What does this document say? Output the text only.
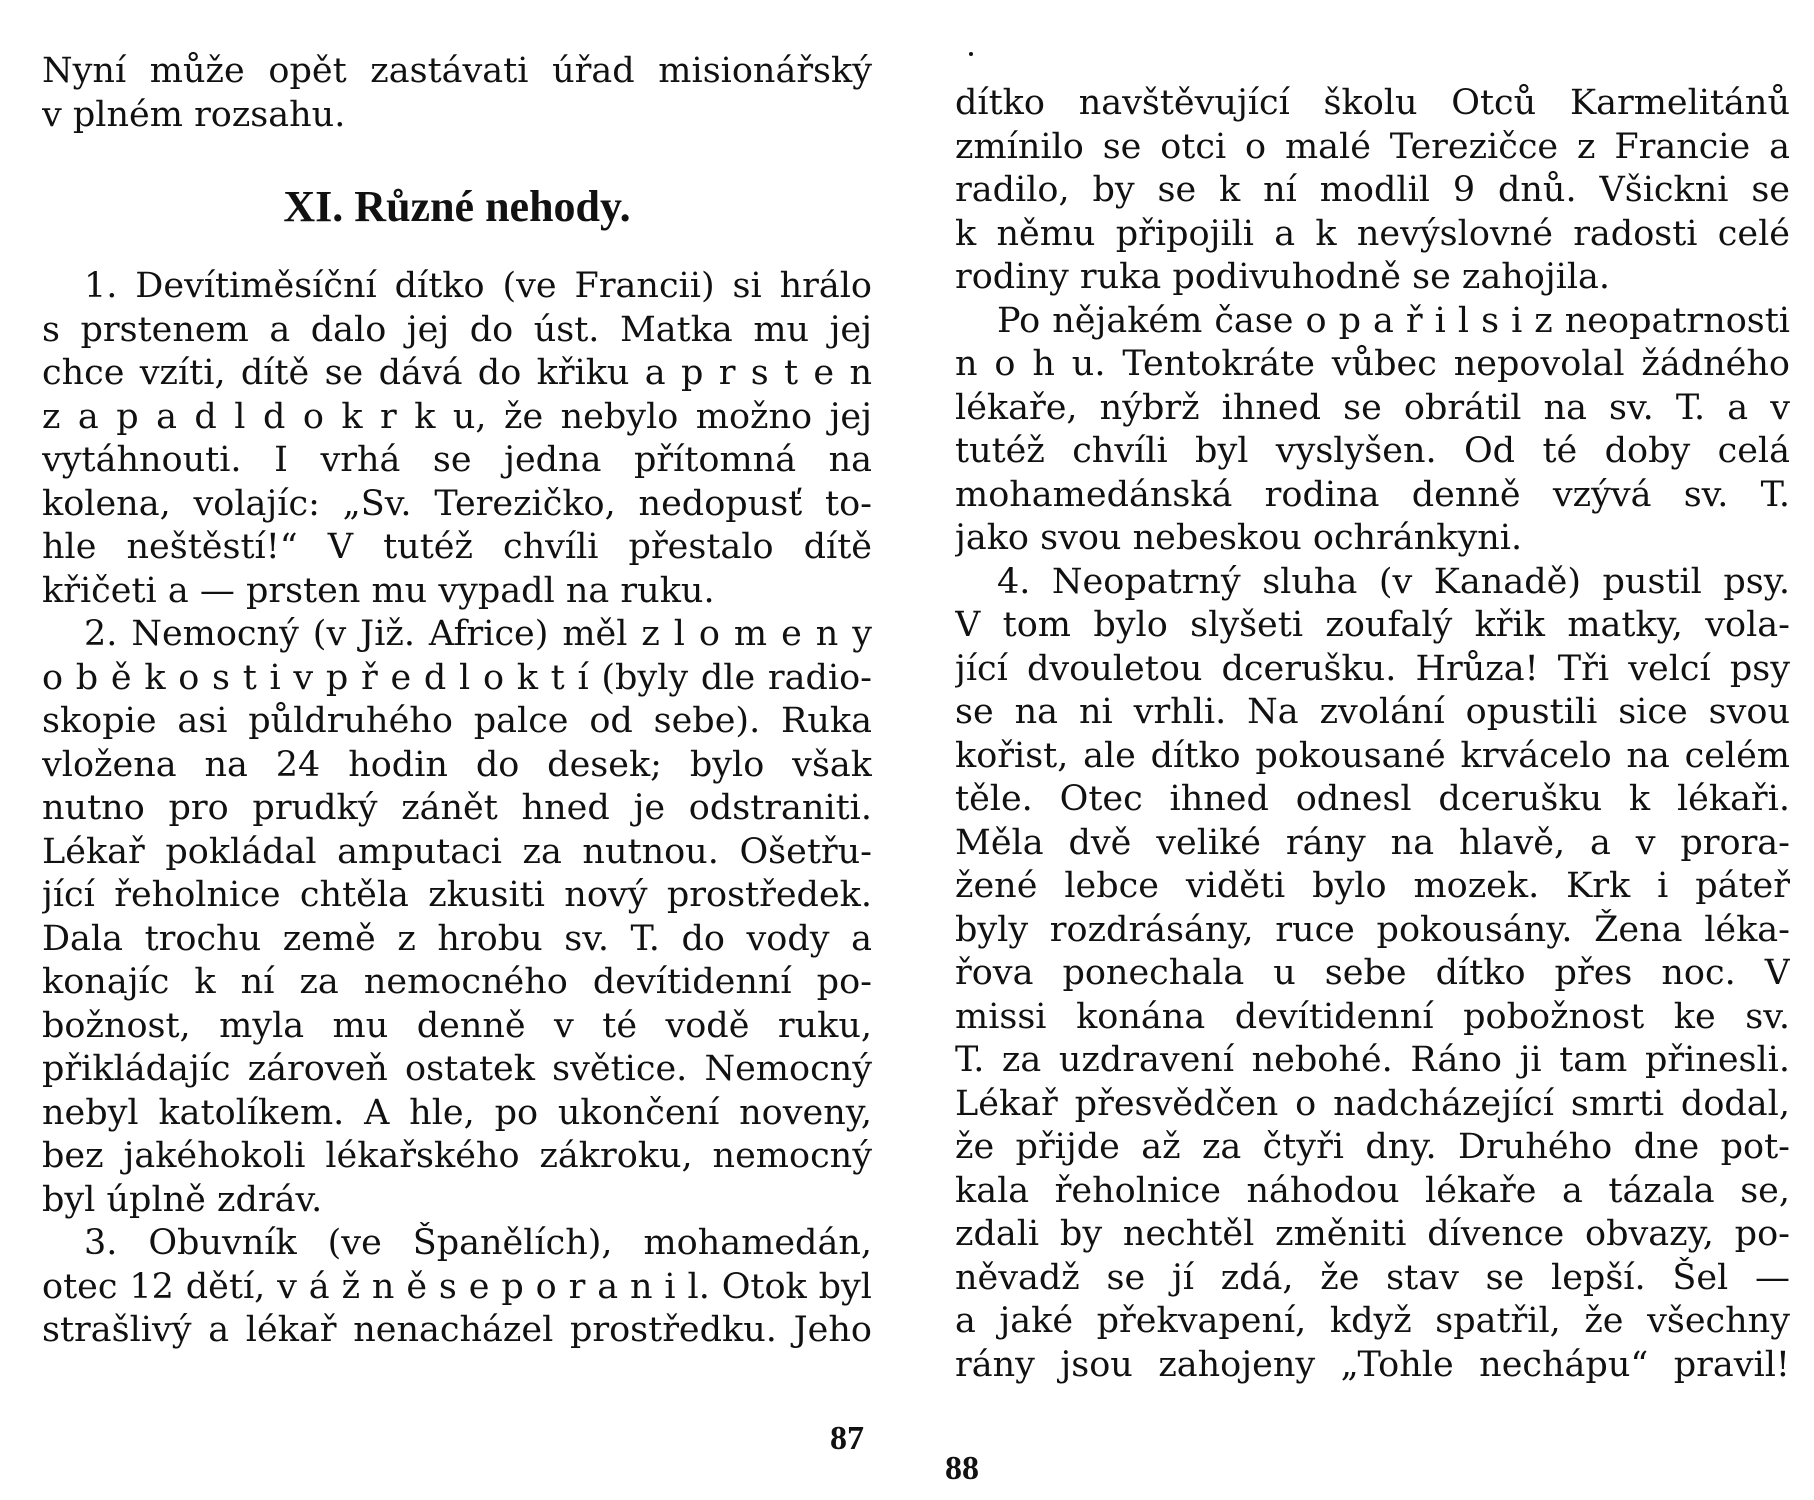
Nyní může opět zastávati úřad misionářský
v plném rozsahu.
XI. Různé nehody.
1. Devítiměsíční dítko (ve Francii) si hrálo
s prstenem a dalo jej do úst. Matka mu jej
chce vzíti, dítě se dává do křiku a p r s t e n
z a p a d l d o k r k u, že nebylo možno jej
vytáhnouti. I vrhá se jedna přítomná na
kolena, volajíc: „Sv. Terezičko, nedopusť to-
hle neštěstí!“ V tutéž chvíli přestalo dítě
křičeti a — prsten mu vypadl na ruku.
2. Nemocný (v Již. Africe) měl z l o m e n y
o b ě k o s t i v p ř e d l o k t í (byly dle radio-
skopie asi půldruhého palce od sebe). Ruka
vložena na 24 hodin do desek; bylo však
nutno pro prudký zánět hned je odstraniti.
Lékař pokládal amputaci za nutnou. Ošetřu-
jící řeholnice chtěla zkusiti nový prostředek.
Dala trochu země z hrobu sv. T. do vody a
konajíc k ní za nemocného devítidenní po-
božnost, myla mu denně v té vodě ruku,
přikládajíc zároveň ostatek světice. Nemocný
nebyl katolíkem. A hle, po ukončení noveny,
bez jakéhokoli lékařského zákroku, nemocný
byl úplně zdráv.
3. Obuvník (ve Španělích), mohamedán,
otec 12 dětí, v á ž n ě s e p o r a n i l. Otok byl
strašlivý a lékař nenacházel prostředku. Jeho
87
dítko navštěvující školu Otců Karmelitánů
zmínilo se otci o malé Terezičce z Francie a
radilo, by se k ní modlil 9 dnů. Všickni se
k němu připojili a k nevýslovné radosti celé
rodiny ruka podivuhodně se zahojila.
Po nějakém čase o p a ř i l s i z neopatrnosti
n o h u. Tentokráte vůbec nepovolal žádného
lékaře, nýbrž ihned se obrátil na sv. T. a v
tutéž chvíli byl vyslyšen. Od té doby celá
mohamedánská rodina denně vzývá sv. T.
jako svou nebeskou ochránkyni.
4. Neopatrný sluha (v Kanadě) pustil psy.
V tom bylo slyšeti zoufalý křik matky, vola-
jící dvouletou dcerušku. Hrůza! Tři velcí psy
se na ni vrhli. Na zvolání opustili sice svou
kořist, ale dítko pokousané krvácelo na celém
těle. Otec ihned odnesl dcerušku k lékaři.
Měla dvě veliké rány na hlavě, a v prora-
žené lebce viděti bylo mozek. Krk i páteř
byly rozdrásány, ruce pokousány. Žena léka-
řova ponechala u sebe dítko přes noc. V
missi konána devítidenní pobožnost ke sv.
T. za uzdravení nebohé. Ráno ji tam přinesli.
Lékař přesvědčen o nadcházející smrti dodal,
že přijde až za čtyři dny. Druhého dne pot-
kala řeholnice náhodou lékaře a tázala se,
zdali by nechtěl změniti dívence obvazy, po-
něvadž se jí zdá, že stav se lepší. Šel —
a jaké překvapení, když spatřil, že všechny
rány jsou zahojeny „Tohle nechápu“ pravil!
88
